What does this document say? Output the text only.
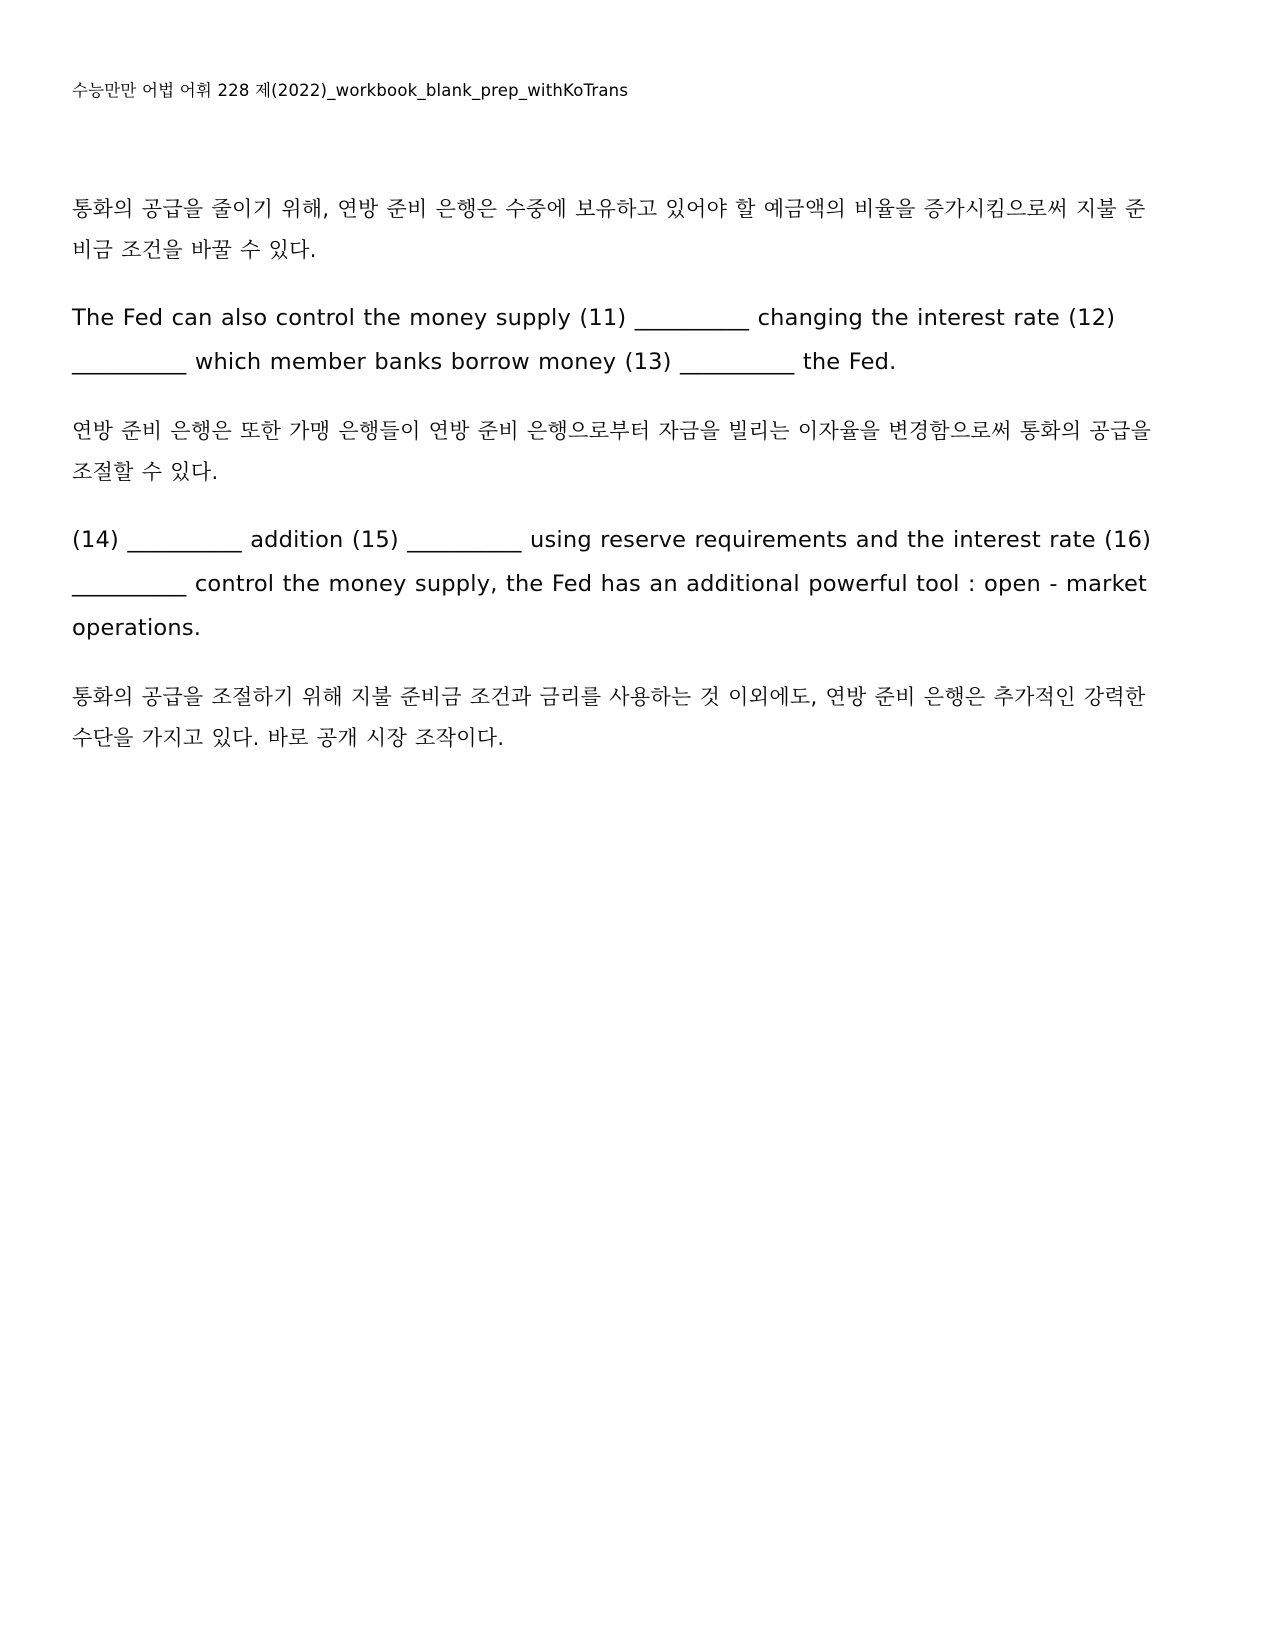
수능만만 어법 어휘 228 제(2022)_workbook_blank_prep_withKoTrans

통화의 공급을 줄이기 위해, 연방 준비 은행은 수중에 보유하고 있어야 할 예금액의 비율을 증가시킴으로써 지불 준비금 조건을 바꿀 수 있다.

The Fed can also control the money supply (11) __________ changing the interest rate (12) __________ which member banks borrow money (13) __________ the Fed.

연방 준비 은행은 또한 가맹 은행들이 연방 준비 은행으로부터 자금을 빌리는 이자율을 변경함으로써 통화의 공급을 조절할 수 있다.

(14) __________ addition (15) __________ using reserve requirements and the interest rate (16) __________ control the money supply, the Fed has an additional powerful tool : open - market operations.

통화의 공급을 조절하기 위해 지불 준비금 조건과 금리를 사용하는 것 이외에도, 연방 준비 은행은 추가적인 강력한 수단을 가지고 있다. 바로 공개 시장 조작이다.
